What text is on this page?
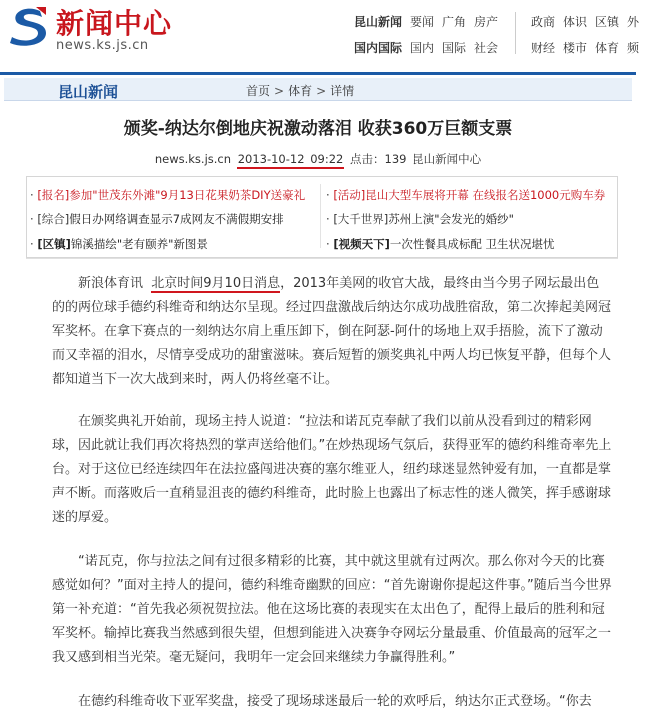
新闻中心
news.ks.js.cn
昆山新闻 要闻 广角 房产
国内国际 国内 国际 社会
政商 体识 区镇 外
财经 楼市 体育 频
昆山新闻	首页 > 体育 > 详情
颁奖-纳达尔倒地庆祝激动落泪 收获360万巨额支票
news.ks.js.cn 2013-10-12 09:22 点击：139 昆山新闻中心
· [报名]参加"世茂东外滩"9月13日花果奶茶DIY送豪礼
· [综合]假日办网络调查显示7成网友不满假期安排
· [区镇]锦溪描绘"老有颐养"新图景
· [活动]昆山大型车展将开幕 在线报名送1000元购车券
· [大千世界]苏州上演"会发光的婚纱"
· [视频天下]一次性餐具成标配 卫生状况堪忧
新浪体育讯 北京时间9月10日消息，2013年美网的收官大战，最终由当今男子网坛最出色的的两位球手德约科维奇和纳达尔呈现。经过四盘激战后纳达尔成功战胜宿敌，第二次捧起美网冠军奖杯。在拿下赛点的一刻纳达尔肩上重压卸下，倒在阿瑟-阿什的场地上双手捂脸，流下了激动而又幸福的泪水，尽情享受成功的甜蜜滋味。赛后短暂的颁奖典礼中两人均已恢复平静，但每个人都知道当下一次大战到来时，两人仍将丝毫不让。
在颁奖典礼开始前，现场主持人说道：“拉法和诺瓦克奉献了我们以前从没看到过的精彩网球，因此就让我们再次将热烈的掌声送给他们。”在炒热现场气氛后，获得亚军的德约科维奇率先上台。对于这位已经连续四年在法拉盛闯进决赛的塞尔维亚人，纽约球迷显然钟爱有加，一直都是掌声不断。而落败后一直稍显沮丧的德约科维奇，此时脸上也露出了标志性的迷人微笑，挥手感谢球迷的厚爱。
“诺瓦克，你与拉法之间有过很多精彩的比赛，其中就这里就有过两次。那么你对今天的比赛感觉如何？”面对主持人的提问，德约科维奇幽默的回应：“首先谢谢你提起这件事。”随后当今世界第一补充道：“首先我必须祝贺拉法。他在这场比赛的表现实在太出色了，配得上最后的胜利和冠军奖杯。输掉比赛我当然感到很失望，但想到能进入决赛争夺网坛分量最重、价值最高的冠军之一我又感到相当光荣。毫无疑问，我明年一定会回来继续力争赢得胜利。”
在德约科维奇收下亚军奖盘，接受了现场球迷最后一轮的欢呼后，纳达尔正式登场。“你去
